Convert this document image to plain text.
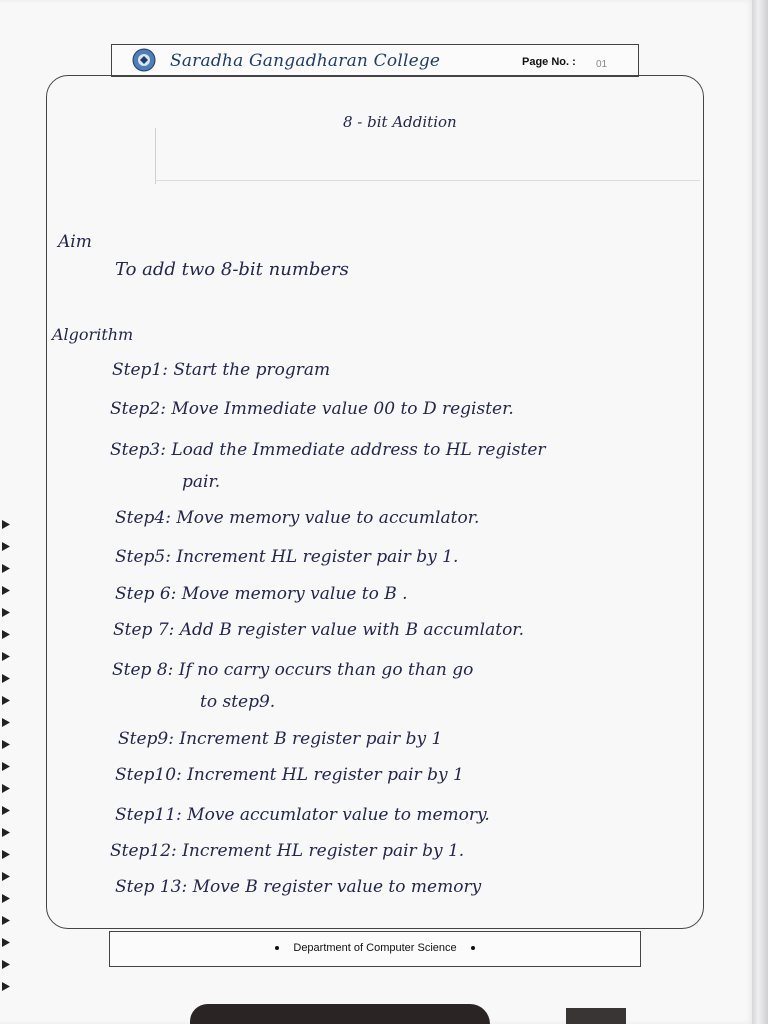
Saradha Gangadharan College	Page No. : 01
8 - bit Addition
Aim
To add two 8-bit numbers
Algorithm
Step1: Start the program
Step2: Move Immediate value 00 to D register.
Step3: Load the Immediate address to HL register
pair.
Step4: Move memory value to accumlator.
Step5: Increment HL register pair by 1.
Step 6: Move memory value to B .
Step 7: Add B register value with B accumlator.
Step 8: If no carry occurs than go than go
to step9.
Step9: Increment B register pair by 1
Step10: Increment HL register pair by 1
Step11: Move accumlator value to memory.
Step12: Increment HL register pair by 1.
Step 13: Move B register value to memory
Department of Computer Science
